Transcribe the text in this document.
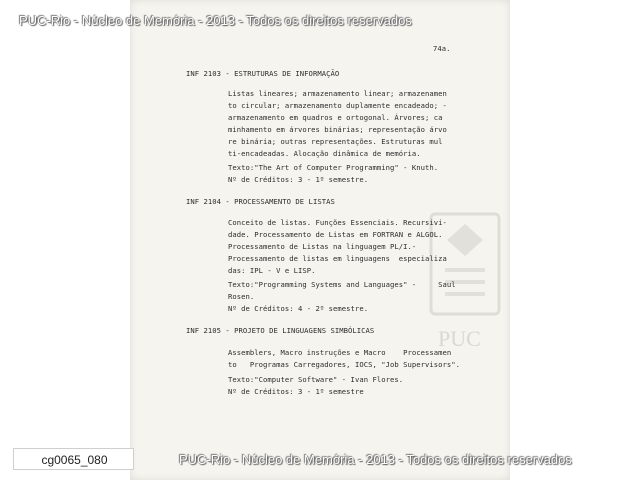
PUC
74a.
INF 2103 - ESTRUTURAS DE INFORMAÇÃO
Listas lineares; armazenamento linear; armazenamen
to circular; armazenamento duplamente encadeado; -
armazenamento em quadros e ortogonal. Árvores; ca
minhamento em árvores binárias; representação árvo
re binária; outras representações. Estruturas mul
ti-encadeadas. Alocação dinâmica de memória.
Texto:"The Art of Computer Programming" - Knuth.
Nº de Créditos: 3 - 1º semestre.
INF 2104 - PROCESSAMENTO DE LISTAS
Conceito de listas. Funções Essenciais. Recursivi-
dade. Processamento de Listas em FORTRAN e ALGOL.
Processamento de Listas na linguagem PL/I.-
Processamento de listas em linguagens  especializa
das: IPL - V e LISP.
Texto:"Programming Systems and Languages" -     Saul
Rosen.
Nº de Créditos: 4 - 2º semestre.
INF 2105 - PROJETO DE LINGUAGENS SIMBÓLICAS
Assemblers, Macro instruções e Macro    Processamen
to   Programas Carregadores, IOCS, "Job Supervisors".
Texto:"Computer Software" - Ivan Flores.
Nº de Créditos: 3 - 1º semestre
PUC-Rio - Núcleo de Memória - 2013 - Todos os direitos reservados
PUC-Rio - Núcleo de Memória - 2013 - Todos os direitos reservados
cg0065_080
